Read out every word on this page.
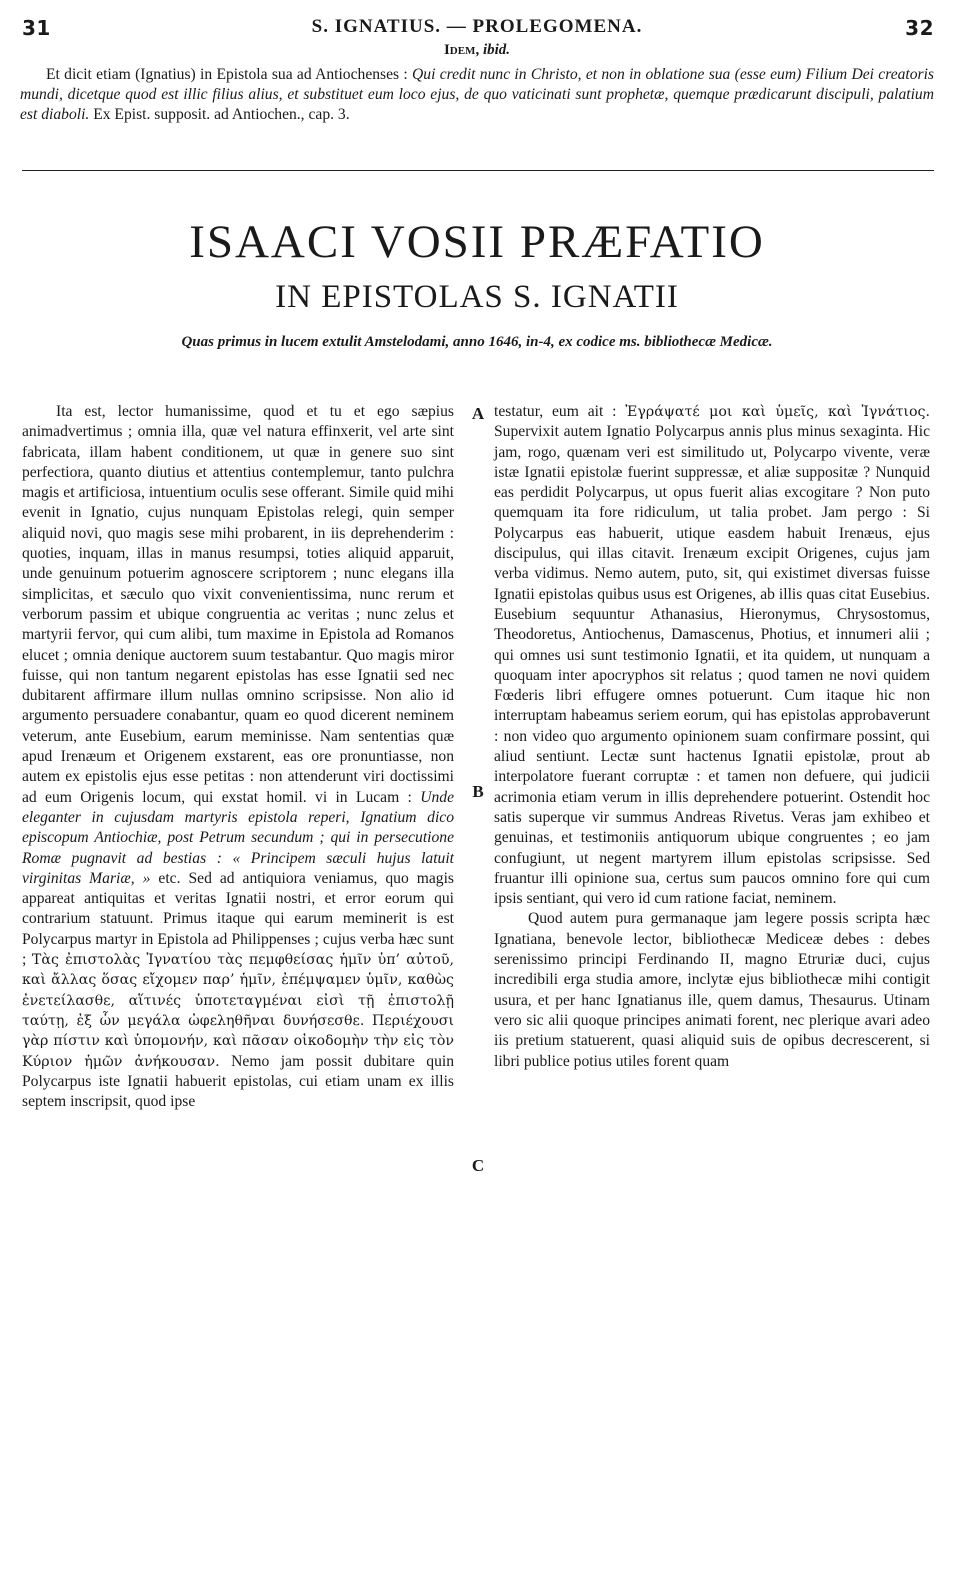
31	S. IGNATIUS. — PROLEGOMENA.	32
Idem, ibid.

Et dicit etiam (Ignatius) in Epistola sua ad Antiochenses : Qui credit nunc in Christo, et non in oblatione sua (esse eum) Filium Dei creatoris mundi, dicetque quod est illic filius alius, et substituet eum loco ejus, de quo vaticinati sunt prophetæ, quemque prædicarunt discipuli, palatium est diaboli. Ex Epist. supposit. ad Antiochen., cap. 3.

ISAACI VOSII PRÆFATIO
IN EPISTOLAS S. IGNATII
Quas primus in lucem extulit Amstelodami, anno 1646, in-4, ex codice ms. bibliothecæ Medicæ.

Ita est, lector humanissime, quod et tu et ego sæpius animadvertimus ; omnia illa, quæ vel natura effinxerit, vel arte sint fabricata, illam habent conditionem, ut quæ in genere suo sint perfectiora, quanto diutius et attentius contemplemur, tanto pulchra magis et artificiosa, intuentium oculis sese offerant. Simile quid mihi evenit in Ignatio, cujus nunquam Epistolas relegi, quin semper aliquid novi, quo magis sese mihi probarent, in iis deprehenderim : quoties, inquam, illas in manus resumpsi, toties aliquid apparuit, unde genuinum potuerim agnoscere scriptorem ; nunc elegans illa simplicitas, et sæculo quo vixit convenientissima, nunc rerum et verborum passim et ubique congruentia ac veritas ; nunc zelus et martyrii fervor, qui cum alibi, tum maxime in Epistola ad Romanos elucet ; omnia denique auctorem suum testabantur. Quo magis miror fuisse, qui non tantum negarent epistolas has esse Ignatii sed nec dubitarent affirmare illum nullas omnino scripsisse. Non alio id argumento persuadere conabantur, quam eo quod dicerent neminem veterum, ante Eusebium, earum meminisse. Nam sententias quæ apud Irenæum et Origenem exstarent, eas ore pronuntiasse, non autem ex epistolis ejus esse petitas : non attenderunt viri doctissimi ad eum Origenis locum, qui exstat homil. vi in Lucam : Unde eleganter in cujusdam martyris epistola reperi, Ignatium dico episcopum Antiochiæ, post Petrum secundum ; qui in persecutione Romæ pugnavit ad bestias : « Principem sæculi hujus latuit virginitas Mariæ, » etc. Sed ad antiquiora veniamus, quo magis appareat antiquitas et veritas Ignatii nostri, et error eorum qui contrarium statuunt. Primus itaque qui earum meminerit is est Polycarpus martyr in Epistola ad Philippenses ; cujus verba hæc sunt ; Τὰς ἐπιστολὰς Ἰγνατίου τὰς πεμφθείσας ἡμῖν ὑπ’ αὐτοῦ, καὶ ἄλλας ὅσας εἴχομεν παρ’ ἡμῖν, ἐπέμψαμεν ὑμῖν, καθὼς ἐνετείλασθε, αἵτινές ὑποτεταγμέναι εἰσὶ τῇ ἐπιστολῇ ταύτῃ, ἐξ ὧν μεγάλα ὠφεληθῆναι δυνήσεσθε. Περιέχουσι γὰρ πίστιν καὶ ὑπομονήν, καὶ πᾶσαν οἰκοδομὴν τὴν εἰς τὸν Κύριον ἡμῶν ἀνήκουσαν. Nemo jam possit dubitare quin Polycarpus iste Ignatii habuerit epistolas, cui etiam unam ex illis septem inscripsit, quod ipse

A
B
C

testatur, eum ait : Ἐγράψατέ μοι καὶ ὑμεῖς, καὶ Ἰγνάτιος. Supervixit autem Ignatio Polycarpus annis plus minus sexaginta. Hic jam, rogo, quænam veri est similitudo ut, Polycarpo vivente, veræ istæ Ignatii epistolæ fuerint suppressæ, et aliæ suppositæ ? Nunquid eas perdidit Polycarpus, ut opus fuerit alias excogitare ? Non puto quemquam ita fore ridiculum, ut talia probet. Jam pergo : Si Polycarpus eas habuerit, utique easdem habuit Irenæus, ejus discipulus, qui illas citavit. Irenæum excipit Origenes, cujus jam verba vidimus. Nemo autem, puto, sit, qui existimet diversas fuisse Ignatii epistolas quibus usus est Origenes, ab illis quas citat Eusebius. Eusebium sequuntur Athanasius, Hieronymus, Chrysostomus, Theodoretus, Antiochenus, Damascenus, Photius, et innumeri alii ; qui omnes usi sunt testimonio Ignatii, et ita quidem, ut nunquam a quoquam inter apocryphos sit relatus ; quod tamen ne novi quidem Fœderis libri effugere omnes potuerunt. Cum itaque hic non interruptam habeamus seriem eorum, qui has epistolas approbaverunt : non video quo argumento opinionem suam confirmare possint, qui aliud sentiunt. Lectæ sunt hactenus Ignatii epistolæ, prout ab interpolatore fuerant corruptæ : et tamen non defuere, qui judicii acrimonia etiam verum in illis deprehendere potuerint. Ostendit hoc satis superque vir summus Andreas Rivetus. Veras jam exhibeo et genuinas, et testimoniis antiquorum ubique congruentes ; eo jam confugiunt, ut negent martyrem illum epistolas scripsisse. Sed fruantur illi opinione sua, certus sum paucos omnino fore qui cum ipsis sentiant, qui vero id cum ratione faciat, neminem.

Quod autem pura germanaque jam legere possis scripta hæc Ignatiana, benevole lector, bibliothecæ Mediceæ debes : debes serenissimo principi Ferdinando II, magno Etruriæ duci, cujus incredibili erga studia amore, inclytæ ejus bibliothecæ mihi contigit usura, et per hanc Ignatianus ille, quem damus, Thesaurus. Utinam vero sic alii quoque principes animati forent, nec plerique avari adeo iis pretium statuerent, quasi aliquid suis de opibus decrescerent, si libri publice potius utiles forent quam
